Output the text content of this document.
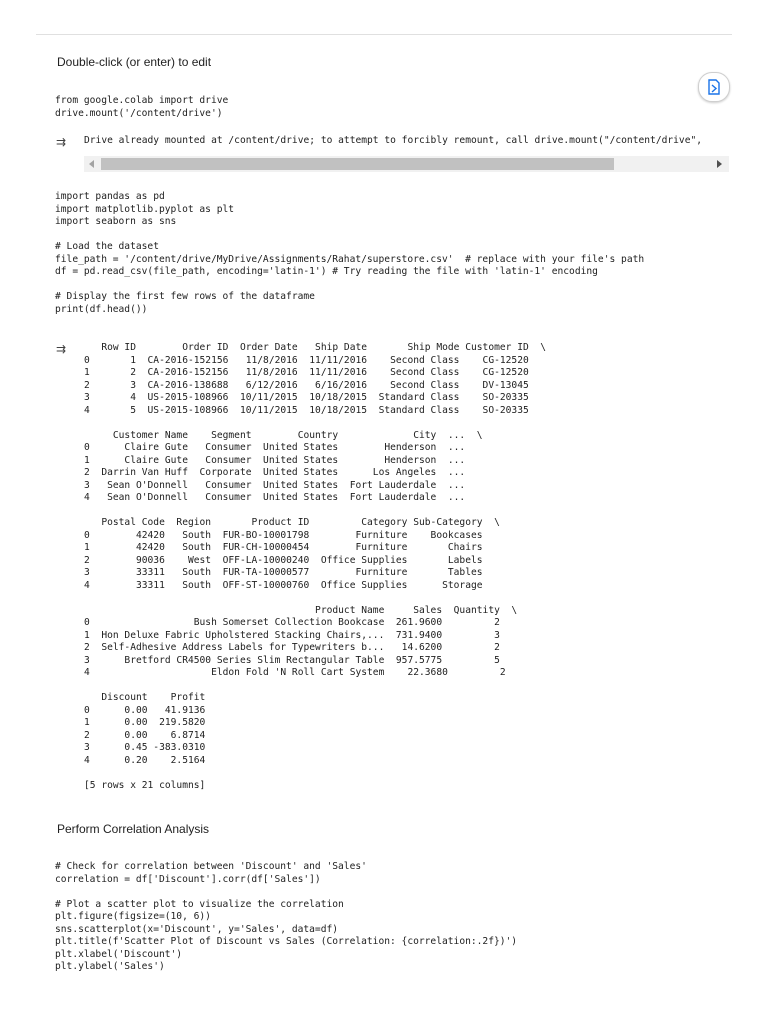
Double-click (or enter) to edit
from google.colab import drive
drive.mount('/content/drive')
⇉	Drive already mounted at /content/drive; to attempt to forcibly remount, call drive.mount("/content/drive",
import pandas as pd
import matplotlib.pyplot as plt
import seaborn as sns

# Load the dataset
file_path = '/content/drive/MyDrive/Assignments/Rahat/superstore.csv'  # replace with your file's path
df = pd.read_csv(file_path, encoding='latin-1') # Try reading the file with 'latin-1' encoding

# Display the first few rows of the dataframe
print(df.head())
⇉	Row ID        Order ID  Order Date   Ship Date       Ship Mode Customer ID  \
0       1  CA-2016-152156   11/8/2016  11/11/2016    Second Class    CG-12520
1       2  CA-2016-152156   11/8/2016  11/11/2016    Second Class    CG-12520
2       3  CA-2016-138688   6/12/2016   6/16/2016    Second Class    DV-13045
3       4  US-2015-108966  10/11/2015  10/18/2015  Standard Class    SO-20335
4       5  US-2015-108966  10/11/2015  10/18/2015  Standard Class    SO-20335

Customer Name    Segment        Country             City  ...  \
0      Claire Gute   Consumer  United States        Henderson  ...
1      Claire Gute   Consumer  United States        Henderson  ...
2  Darrin Van Huff  Corporate  United States      Los Angeles  ...
3   Sean O'Donnell   Consumer  United States  Fort Lauderdale  ...
4   Sean O'Donnell   Consumer  United States  Fort Lauderdale  ...

Postal Code  Region       Product ID         Category Sub-Category  \
0        42420   South  FUR-BO-10001798        Furniture    Bookcases
1        42420   South  FUR-CH-10000454        Furniture       Chairs
2        90036    West  OFF-LA-10000240  Office Supplies       Labels
3        33311   South  FUR-TA-10000577        Furniture       Tables
4        33311   South  OFF-ST-10000760  Office Supplies      Storage

Product Name     Sales  Quantity  \
0                  Bush Somerset Collection Bookcase  261.9600         2
1  Hon Deluxe Fabric Upholstered Stacking Chairs,...  731.9400         3
2  Self-Adhesive Address Labels for Typewriters b...   14.6200         2
3      Bretford CR4500 Series Slim Rectangular Table  957.5775         5
4                     Eldon Fold 'N Roll Cart System    22.3680         2

Discount    Profit
0      0.00   41.9136
1      0.00  219.5820
2      0.00    6.8714
3      0.45 -383.0310
4      0.20    2.5164

[5 rows x 21 columns]
Perform Correlation Analysis
# Check for correlation between 'Discount' and 'Sales'
correlation = df['Discount'].corr(df['Sales'])

# Plot a scatter plot to visualize the correlation
plt.figure(figsize=(10, 6))
sns.scatterplot(x='Discount', y='Sales', data=df)
plt.title(f'Scatter Plot of Discount vs Sales (Correlation: {correlation:.2f})')
plt.xlabel('Discount')
plt.ylabel('Sales')
